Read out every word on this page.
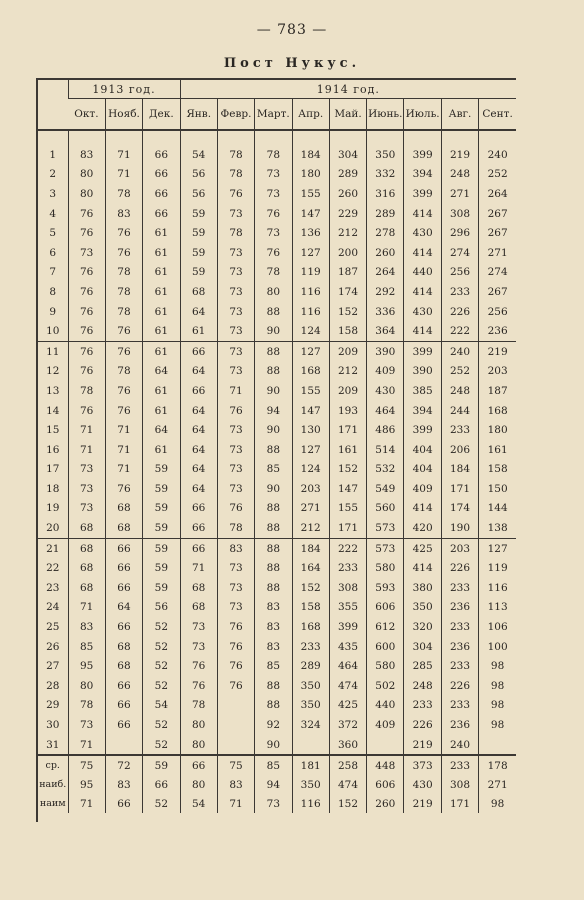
— 783 —
Пост Нукус.
	1913 год.			1914 год.								
	Окт.	Нояб.	Дек.	Янв.	Февр.	Март.	Апр.	Май.	Июнь.	Июль.	Авг.	Сент.

1	83	71	66	54	78	78	184	304	350	399	219	240
2	80	71	66	56	78	73	180	289	332	394	248	252
3	80	78	66	56	76	73	155	260	316	399	271	264
4	76	83	66	59	73	76	147	229	289	414	308	267
5	76	76	61	59	78	73	136	212	278	430	296	267
6	73	76	61	59	73	76	127	200	260	414	274	271
7	76	78	61	59	73	78	119	187	264	440	256	274
8	76	78	61	68	73	80	116	174	292	414	233	267
9	76	78	61	64	73	88	116	152	336	430	226	256
10	76	76	61	61	73	90	124	158	364	414	222	236
11	76	76	61	66	73	88	127	209	390	399	240	219
12	76	78	64	64	73	88	168	212	409	390	252	203
13	78	76	61	66	71	90	155	209	430	385	248	187
14	76	76	61	64	76	94	147	193	464	394	244	168
15	71	71	64	64	73	90	130	171	486	399	233	180
16	71	71	61	64	73	88	127	161	514	404	206	161
17	73	71	59	64	73	85	124	152	532	404	184	158
18	73	76	59	64	73	90	203	147	549	409	171	150
19	73	68	59	66	76	88	271	155	560	414	174	144
20	68	68	59	66	78	88	212	171	573	420	190	138
21	68	66	59	66	83	88	184	222	573	425	203	127
22	68	66	59	71	73	88	164	233	580	414	226	119
23	68	66	59	68	73	88	152	308	593	380	233	116
24	71	64	56	68	73	83	158	355	606	350	236	113
25	83	66	52	73	76	83	168	399	612	320	233	106
26	85	68	52	73	76	83	233	435	600	304	236	100
27	95	68	52	76	76	85	289	464	580	285	233	98
28	80	66	52	76	76	88	350	474	502	248	226	98
29	78	66	54	78		88	350	425	440	233	233	98
30	73	66	52	80		92	324	372	409	226	236	98
31	71		52	80		90		360		219	240	
ср.	75	72	59	66	75	85	181	258	448	373	233	178
наиб.	95	83	66	80	83	94	350	474	606	430	308	271
наим	71	66	52	54	71	73	116	152	260	219	171	98
